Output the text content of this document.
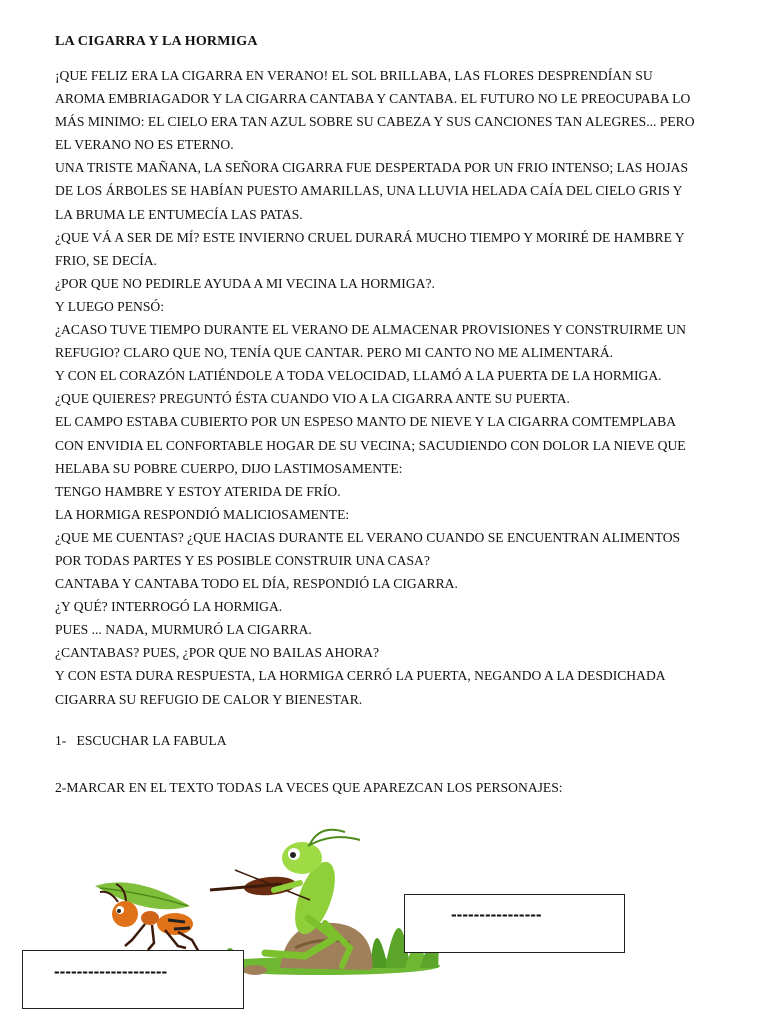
LA CIGARRA Y LA HORMIGA

¡QUE FELIZ ERA LA CIGARRA EN VERANO! EL SOL BRILLABA, LAS FLORES DESPRENDÍAN SU

AROMA EMBRIAGADOR Y LA CIGARRA CANTABA Y CANTABA. EL FUTURO NO LE PREOCUPABA LO

MÁS MINIMO: EL CIELO ERA TAN AZUL SOBRE SU CABEZA Y SUS CANCIONES TAN ALEGRES... PERO

EL VERANO NO ES ETERNO.

UNA TRISTE MAÑANA, LA SEÑORA CIGARRA FUE DESPERTADA POR UN FRIO INTENSO; LAS HOJAS

DE LOS ÁRBOLES SE HABÍAN PUESTO AMARILLAS, UNA LLUVIA HELADA CAÍA DEL CIELO GRIS Y

LA BRUMA LE ENTUMECÍA LAS PATAS.

¿QUE VÁ A SER DE MÍ? ESTE INVIERNO CRUEL DURARÁ MUCHO TIEMPO Y MORIRÉ DE HAMBRE Y

FRIO, SE DECÍA.

¿POR QUE NO PEDIRLE AYUDA A MI VECINA LA HORMIGA?.

Y LUEGO PENSÓ:

¿ACASO TUVE TIEMPO DURANTE EL VERANO DE ALMACENAR PROVISIONES Y CONSTRUIRME UN

REFUGIO? CLARO QUE NO, TENÍA QUE CANTAR. PERO MI CANTO NO ME ALIMENTARÁ.

Y CON EL CORAZÓN LATIÉNDOLE A TODA VELOCIDAD, LLAMÓ A LA PUERTA DE LA HORMIGA.

¿QUE QUIERES? PREGUNTÓ ÉSTA CUANDO VIO A LA CIGARRA ANTE SU PUERTA.

EL CAMPO ESTABA CUBIERTO POR UN ESPESO MANTO DE NIEVE Y LA CIGARRA COMTEMPLABA

CON ENVIDIA EL CONFORTABLE HOGAR DE SU VECINA; SACUDIENDO CON DOLOR LA NIEVE QUE

HELABA SU POBRE CUERPO, DIJO LASTIMOSAMENTE:

TENGO HAMBRE Y ESTOY ATERIDA DE FRÍO.

LA HORMIGA RESPONDIÓ MALICIOSAMENTE:

¿QUE ME CUENTAS? ¿QUE HACIAS DURANTE EL VERANO CUANDO SE ENCUENTRAN ALIMENTOS

POR TODAS PARTES Y ES POSIBLE CONSTRUIR UNA CASA?

CANTABA Y CANTABA TODO EL DÍA, RESPONDIÓ LA CIGARRA.

¿Y QUÉ? INTERROGÓ LA HORMIGA.

PUES ... NADA, MURMURÓ LA CIGARRA.

¿CANTABAS? PUES, ¿POR QUE NO BAILAS AHORA?

Y CON ESTA DURA RESPUESTA, LA HORMIGA CERRÓ LA PUERTA, NEGANDO A LA DESDICHADA

CIGARRA SU REFUGIO DE CALOR Y BIENESTAR.

1-   ESCUCHAR LA FABULA
2-MARCAR EN EL TEXTO TODAS LA VECES QUE APAREZCAN LOS PERSONAJES:
----------------
--------------------
